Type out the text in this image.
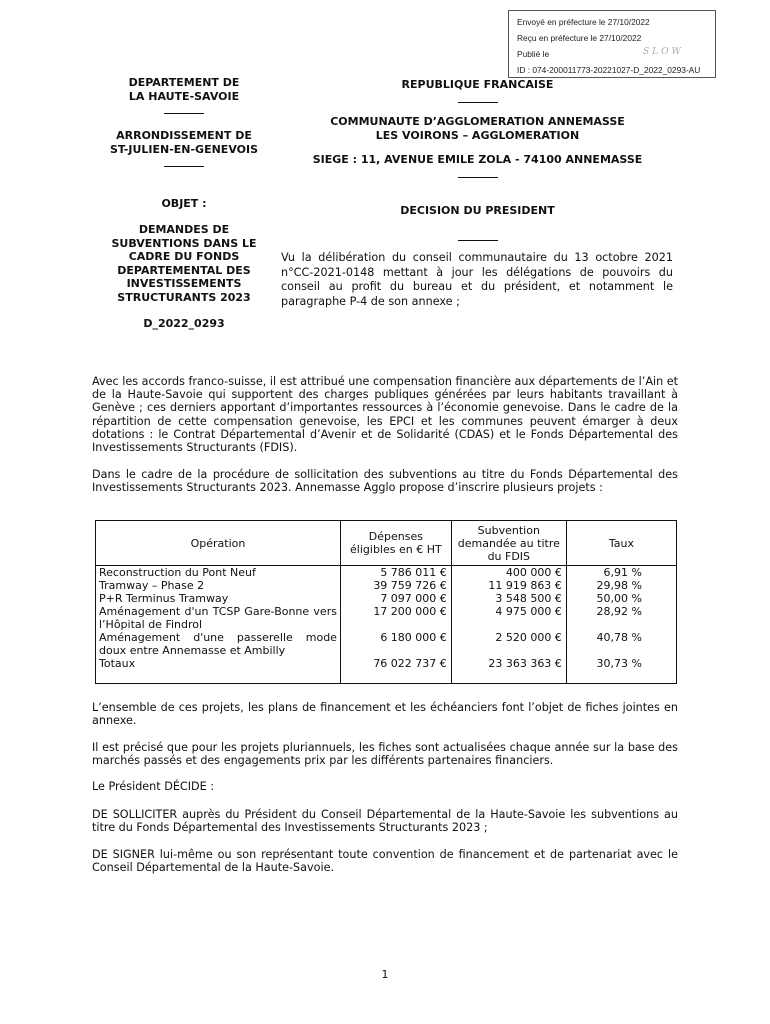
Envoyé en préfecture le 27/10/2022
Reçu en préfecture le 27/10/2022
Publié le	SLOW
ID : 074-200011773-20221027-D_2022_0293-AU
DEPARTEMENT DE
LA HAUTE-SAVOIE
ARRONDISSEMENT DE
ST-JULIEN-EN-GENEVOIS
OBJET :
DEMANDES DE
SUBVENTIONS DANS LE
CADRE DU FONDS
DEPARTEMENTAL DES
INVESTISSEMENTS
STRUCTURANTS 2023
D_2022_0293
REPUBLIQUE FRANCAISE
COMMUNAUTE D’AGGLOMERATION ANNEMASSE
LES VOIRONS – AGGLOMERATION
SIEGE : 11, AVENUE EMILE ZOLA - 74100 ANNEMASSE
DECISION DU PRESIDENT
Vu la délibération du conseil communautaire du 13 octobre 2021 n°CC-2021-0148 mettant à jour les délégations de pouvoirs du conseil au profit du bureau et du président, et notamment le paragraphe P-4 de son annexe ;
Avec les accords franco-suisse, il est attribué une compensation financière aux départements de l’Ain et de la Haute-Savoie qui supportent des charges publiques générées par leurs habitants travaillant à Genève ; ces derniers apportant d’importantes ressources à l’économie genevoise. Dans le cadre de la répartition de cette compensation genevoise, les EPCI et les communes peuvent émarger à deux dotations : le Contrat Départemental d’Avenir et de Solidarité (CDAS) et le Fonds Départemental des Investissements Structurants (FDIS).
Dans le cadre de la procédure de sollicitation des subventions au titre du Fonds Départemental des Investissements Structurants 2023. Annemasse Agglo propose d’inscrire plusieurs projets :
Opération	Dépenses éligibles en € HT	Subvention demandée au titre du FDIS	Taux
Reconstruction du Pont Neuf	5 786 011 €	400 000 €	6,91 %
Tramway – Phase 2	39 759 726 €	11 919 863 €	29,98 %
P+R Terminus Tramway	7 097 000 €	3 548 500 €	50,00 %
Aménagement d'un TCSP Gare-Bonne vers l’Hôpital de Findrol	17 200 000 €	4 975 000 €	28,92 %
Aménagement d'une passerelle mode doux entre Annemasse et Ambilly	6 180 000 €	2 520 000 €	40,78 %
Totaux	76 022 737 €	23 363 363 €	30,73 %
L’ensemble de ces projets, les plans de financement et les échéanciers font l’objet de fiches jointes en annexe.
Il est précisé que pour les projets pluriannuels, les fiches sont actualisées chaque année sur la base des marchés passés et des engagements prix par les différents partenaires financiers.
Le Président DÉCIDE :
DE SOLLICITER auprès du Président du Conseil Départemental de la Haute-Savoie les subventions au titre du Fonds Départemental des Investissements Structurants 2023 ;
DE SIGNER lui-même ou son représentant toute convention de financement et de partenariat avec le Conseil Départemental de la Haute-Savoie.
1
